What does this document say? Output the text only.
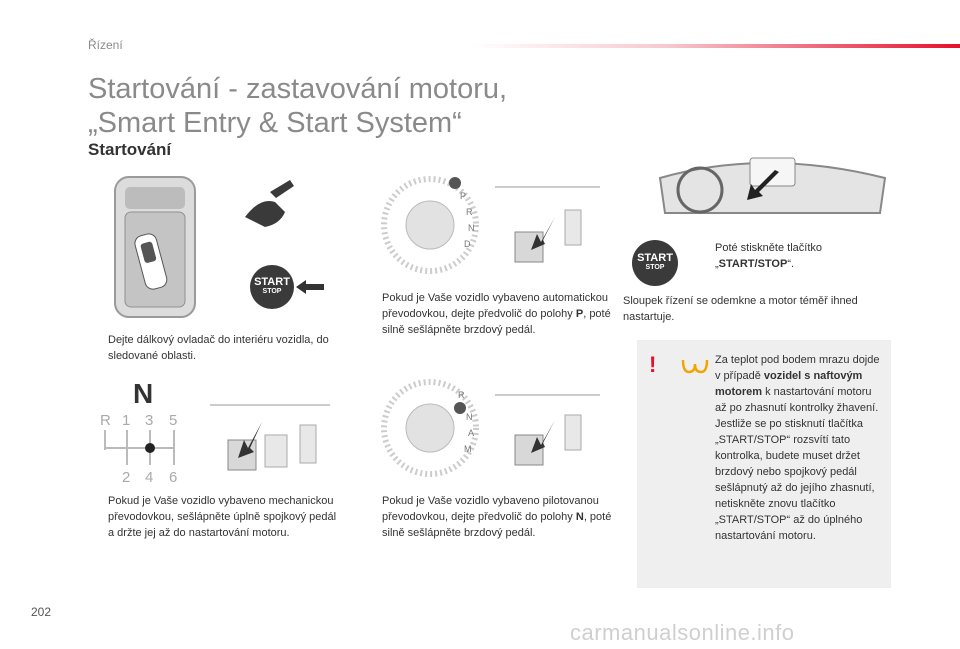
Řízení
Startování - zastavování motoru,
„Smart Entry & Start System“
Startování
START
STOP
Dejte dálkový ovladač do interiéru vozidla, do sledované oblasti.
P
R
N
D
Pokud je Vaše vozidlo vybaveno automatickou převodovkou, dejte předvolič do polohy P, poté silně sešlápněte brzdový pedál.
START
STOP
Poté stiskněte tlačítko „START/STOP“.
Sloupek řízení se odemkne a motor téměř ihned nastartuje.
N
R 1 3 5
2 4 6
Pokud je Vaše vozidlo vybaveno mechanickou převodovkou, sešlápněte úplně spojkový pedál a držte jej až do nastartování motoru.
R
N
A
M
Pokud je Vaše vozidlo vybaveno pilotovanou převodovkou, dejte předvolič do polohy N, poté silně sešlápněte brzdový pedál.
!	Za teplot pod bodem mrazu dojde v případě vozidel s naftovým motorem k nastartování motoru až po zhasnutí kontrolky žhavení. Jestliže se po stisknutí tlačítka „START/STOP“ rozsvítí tato kontrolka, budete muset držet brzdový nebo spojkový pedál sešlápnutý až do jejího zhasnutí, netiskněte znovu tlačítko „START/STOP“ až do úplného nastartování motoru.
202
carmanualsonline.info
